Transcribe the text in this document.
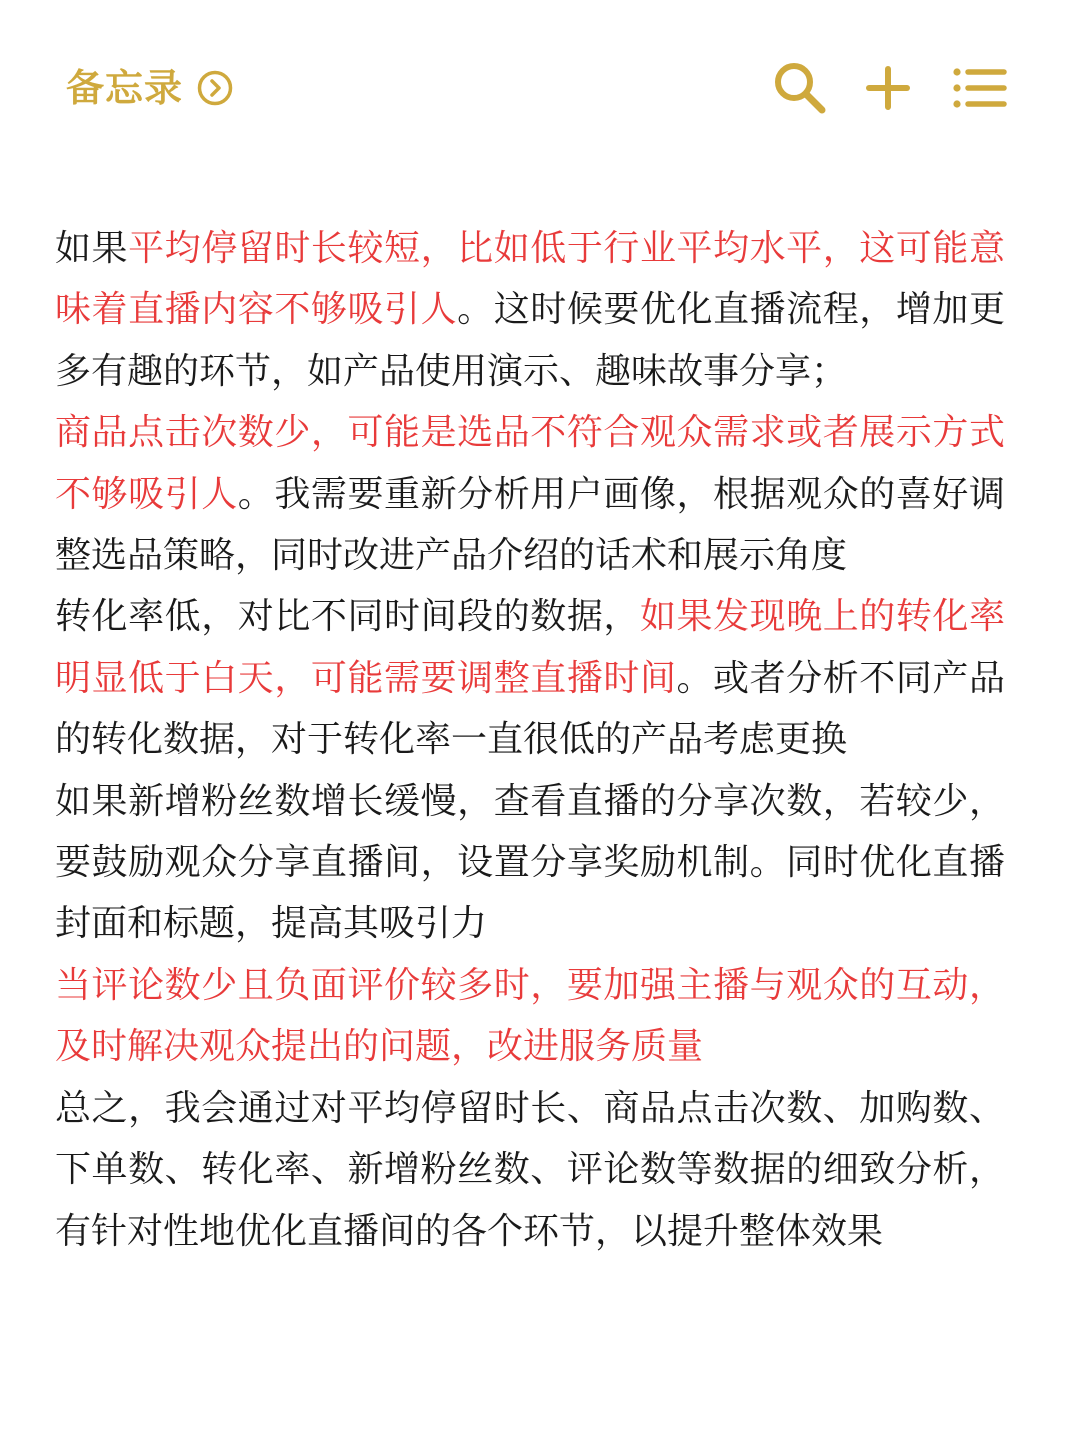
备忘录

如果平均停留时长较短，比如低于行业平均水平，这可能意味着直播内容不够吸引人。这时候要优化直播流程，增加更多有趣的环节，如产品使用演示、趣味故事分享；

商品点击次数少，可能是选品不符合观众需求或者展示方式不够吸引人。我需要重新分析用户画像，根据观众的喜好调整选品策略，同时改进产品介绍的话术和展示角度

转化率低，对比不同时间段的数据，如果发现晚上的转化率明显低于白天，可能需要调整直播时间。或者分析不同产品的转化数据，对于转化率一直很低的产品考虑更换

如果新增粉丝数增长缓慢，查看直播的分享次数，若较少，要鼓励观众分享直播间，设置分享奖励机制。同时优化直播封面和标题，提高其吸引力

当评论数少且负面评价较多时，要加强主播与观众的互动，及时解决观众提出的问题，改进服务质量

总之，我会通过对平均停留时长、商品点击次数、加购数、下单数、转化率、新增粉丝数、评论数等数据的细致分析，有针对性地优化直播间的各个环节，以提升整体效果
